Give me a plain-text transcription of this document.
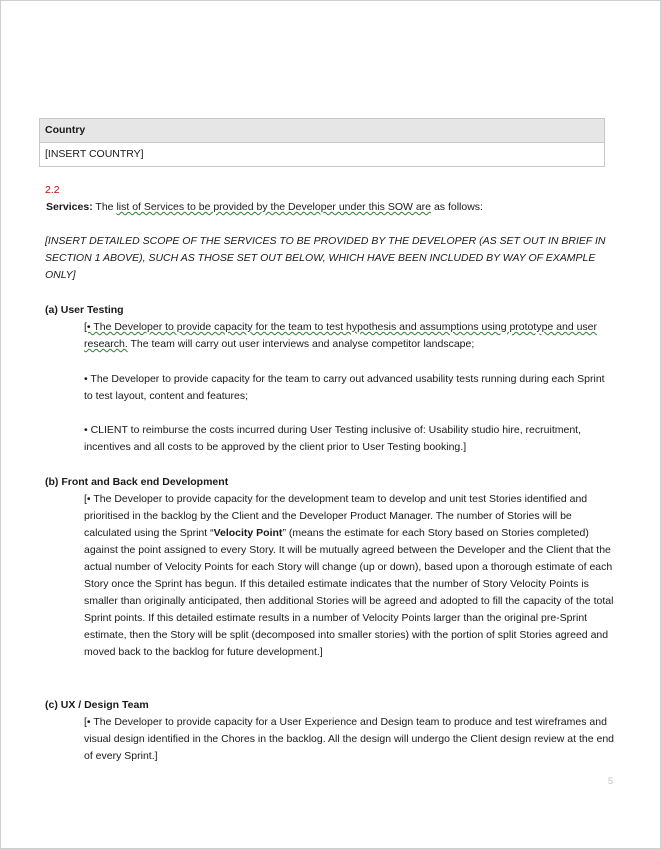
Country
[INSERT COUNTRY]
2.2
Services: The list of Services to be provided by the Developer under this SOW are as follows:
[INSERT DETAILED SCOPE OF THE SERVICES TO BE PROVIDED BY THE DEVELOPER (AS SET OUT IN BRIEF IN SECTION 1 ABOVE), SUCH AS THOSE SET OUT BELOW, WHICH HAVE BEEN INCLUDED BY WAY OF EXAMPLE ONLY]
(a) User Testing
[• The Developer to provide capacity for the team to test hypothesis and assumptions using prototype and user research. The team will carry out user interviews and analyse competitor landscape;
• The Developer to provide capacity for the team to carry out advanced usability tests running during each Sprint to test layout, content and features;
• CLIENT to reimburse the costs incurred during User Testing inclusive of: Usability studio hire, recruitment, incentives and all costs to be approved by the client prior to User Testing booking.]
(b) Front and Back end Development
[• The Developer to provide capacity for the development team to develop and unit test Stories identified and prioritised in the backlog by the Client and the Developer Product Manager. The number of Stories will be calculated using the Sprint “Velocity Point” (means the estimate for each Story based on Stories completed) against the point assigned to every Story. It will be mutually agreed between the Developer and the Client that the actual number of Velocity Points for each Story will change (up or down), based upon a thorough estimate of each Story once the Sprint has begun. If this detailed estimate indicates that the number of Story Velocity Points is smaller than originally anticipated, then additional Stories will be agreed and adopted to fill the capacity of the total Sprint points. If this detailed estimate results in a number of Velocity Points larger than the original pre-Sprint estimate, then the Story will be split (decomposed into smaller stories) with the portion of split Stories agreed and moved back to the backlog for future development.]
(c) UX / Design Team
[• The Developer to provide capacity for a User Experience and Design team to produce and test wireframes and visual design identified in the Chores in the backlog. All the design will undergo the Client design review at the end of every Sprint.]
5
